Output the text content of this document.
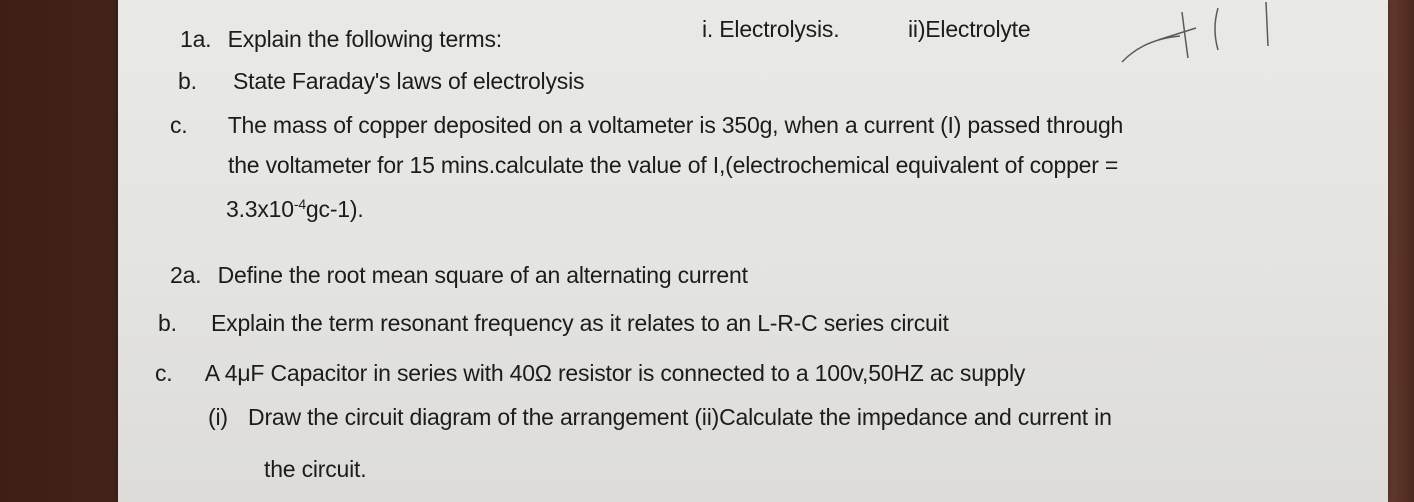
1a. Explain the following terms:	i. Electrolysis.	ii)Electrolyte
b. State Faraday's laws of electrolysis
c. The mass of copper deposited on a voltameter is 350g, when a current (I) passed through
the voltameter for 15 mins.calculate the value of I,(electrochemical equivalent of copper =
$3.3x10^{-4}gc-1$).
2a. Define the root mean square of an alternating current
b. Explain the term resonant frequency as it relates to an L-R-C series circuit
c. A 4μF Capacitor in series with 40Ω resistor is connected to a 100v,50HZ ac supply
(i) Draw the circuit diagram of the arrangement (ii)Calculate the impedance and current in
the circuit.
